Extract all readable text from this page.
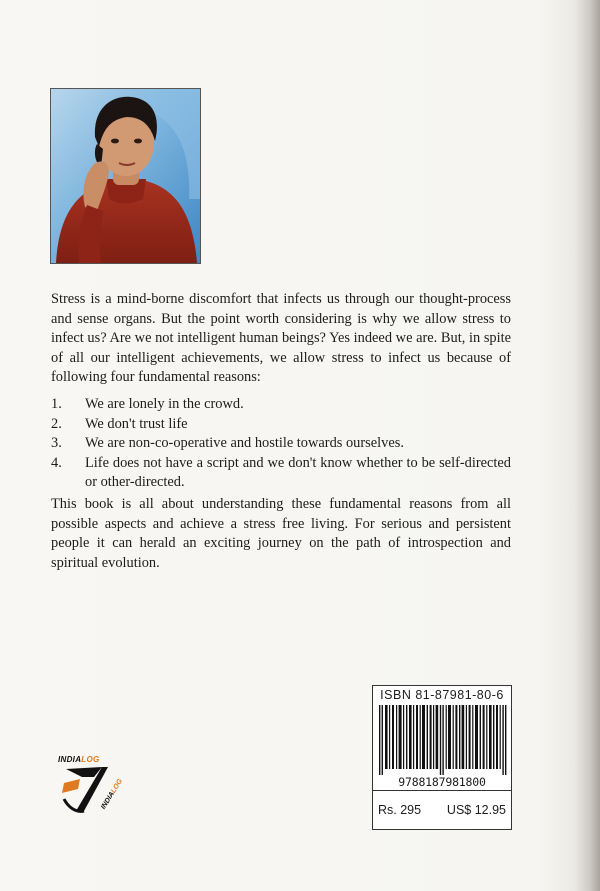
Stress is a mind-borne discomfort that infects us through our thought-process and sense organs. But the point worth considering is why we allow stress to infect us? Are we not intelligent human beings? Yes indeed we are. But, in spite of all our intelligent achievements, we allow stress to infect us because of following four fundamental reasons:

1.	We are lonely in the crowd.
2.	We don't trust life
3.	We are non-co-operative and hostile towards ourselves.
4.	Life does not have a script and we don't know whether to be self-directed or other-directed.
This book is all about understanding these fundamental reasons from all possible aspects and achieve a stress free living. For serious and persistent people it can herald an exciting journey on the path of introspection and spiritual evolution.
INDIALOG
INDIALOG
ISBN 81-87981-80-6
9788187981800
Rs. 295 US$ 12.95
